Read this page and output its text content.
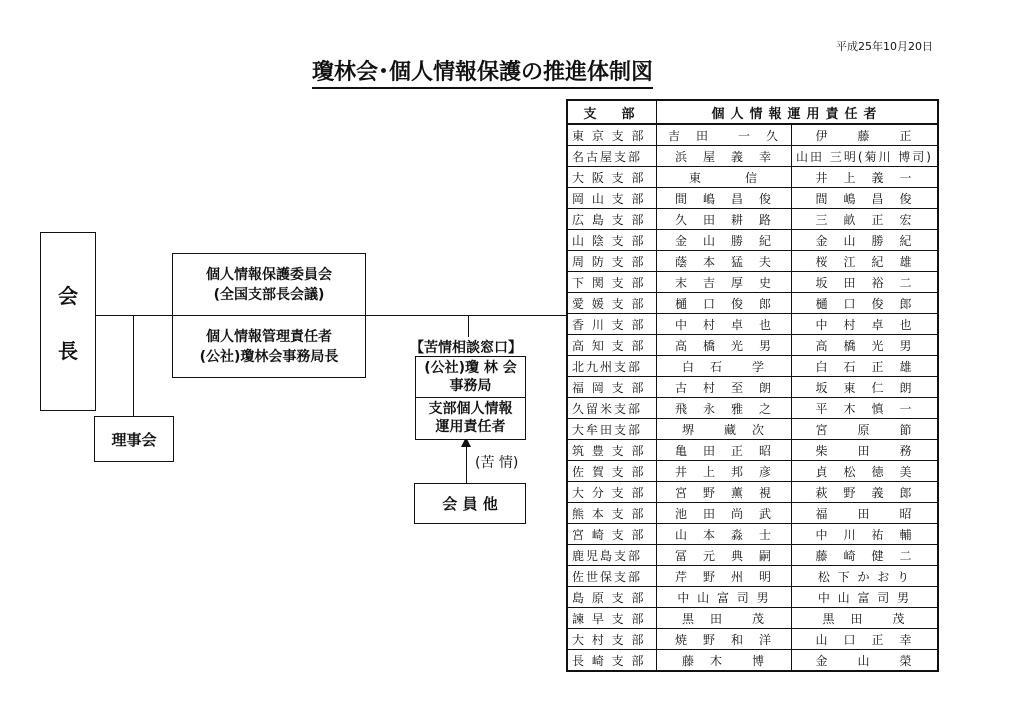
平成25年10月20日
瓊林会･個人情報保護の推進体制図
会
長
理事会
個人情報保護委員会
(全国支部長会議)
個人情報管理責任者
(公社)瓊林会事務局長
【苦情相談窓口】
(公社)瓊 林 会
事務局
支部個人情報
運用責任者
(苦 情)
会 員 他
支　部	個人情報運用責任者	
東 京 支 部	吉　田　　一　久	伊　　藤　　正
名古屋支部	浜　屋　義　幸	山田 三明(菊川 博司)
大 阪 支 部	東　　　信	井　上　義　一
岡 山 支 部	間　嶋　昌　俊	間　嶋　昌　俊
広 島 支 部	久　田　耕　路	三　畝　正　宏
山 陰 支 部	金　山　勝　紀	金　山　勝　紀
周 防 支 部	蔭　本　猛　夫	桜　江　紀　雄
下 関 支 部	末　吉　厚　史	坂　田　裕　二
愛 媛 支 部	樋　口　俊　郎	樋　口　俊　郎
香 川 支 部	中　村　卓　也	中　村　卓　也
高 知 支 部	高　橋　光　男	高　橋　光　男
北九州支部	白　石　　学	白　石　正　雄
福 岡 支 部	古　村　至　朗	坂　東　仁　朗
久留米支部	飛　永　雅　之	平　木　慎　一
大牟田支部	堺　　藏　次	宮　　原　　節
筑 豊 支 部	亀　田　正　昭	柴　　田　　務
佐 賀 支 部	井　上　邦　彦	貞　松　徳　美
大 分 支 部	宮　野　薫　視	萩　野　義　郎
熊 本 支 部	池　田　尚　武	福　　田　　昭
宮 崎 支 部	山　本　淼　士	中　川　祐　輔
鹿児島支部	冨　元　典　嗣	藤　崎　健　二
佐世保支部	芹　野　州　明	松 下 か お り
島 原 支 部	中 山 富 司 男	中 山 富 司 男
諫 早 支 部	黒　田　　茂	黒　田　　茂
大 村 支 部	焼　野　和　洋	山　口　正　幸
長 崎 支 部	藤　木　　博	金　　山　　榮
